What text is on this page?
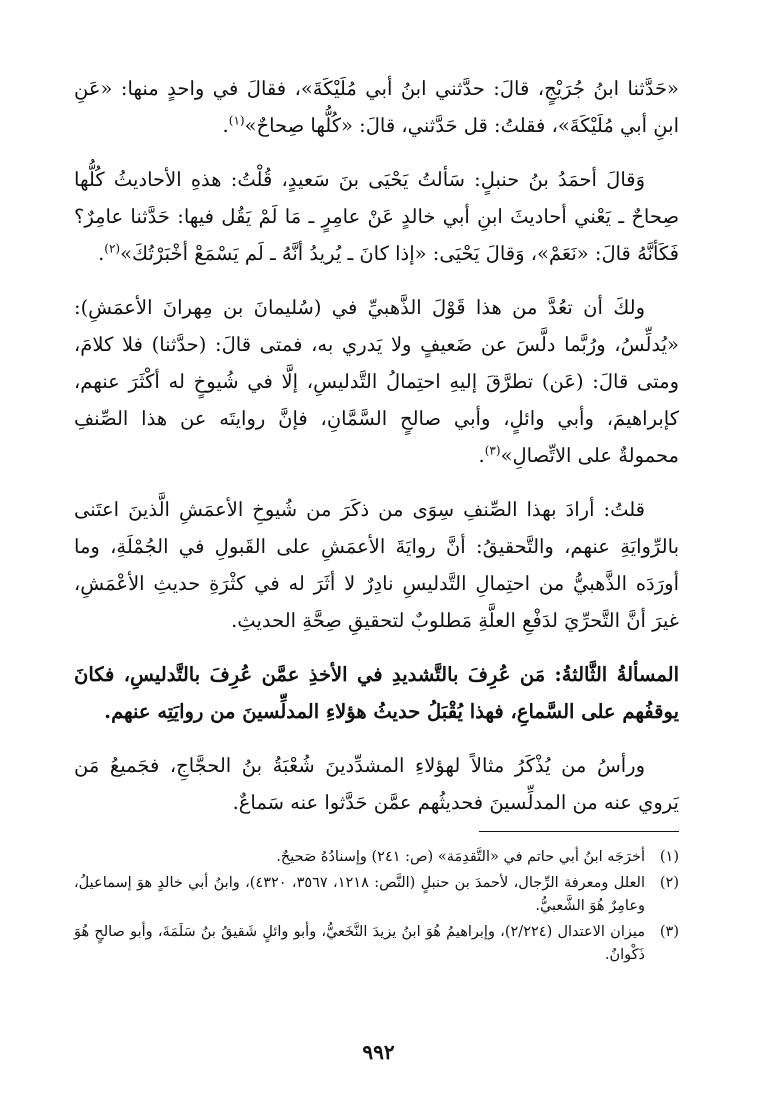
«حَدَّثنا ابنُ جُرَيْجٍ، قالَ: حدَّثني ابنُ أبي مُلَيْكَةَ»، فقالَ في واحدٍ منها: «عَنِ ابنِ أبي مُلَيْكَةَ»، فقلتُ: قل حَدَّثني، قالَ: «كُلُّها صِحاحٌ»$^{(١)}$.

وَقالَ أحمَدُ بنُ حنبلٍ: سَألتُ يَحْيَى بنَ سَعيدٍ، قُلْتُ: هذهِ الأحاديثُ كُلُّها صِحاحٌ ـ يَعْني أحاديثَ ابنِ أبي خالدٍ عَنْ عامِرٍ ـ مَا لَمْ يَقُل فيها: حَدَّثنا عامِرٌ؟ فَكَأنَّهُ قالَ: «نَعَمْ»، وَقالَ يَحْيَى: «إذا كانَ ـ يُريدُ أنَّهُ ـ لَم يَسْمَعْ أخْبَرْتُكَ»$^{(٢)}$.

ولكَ أن تعُدَّ من هذا قَوْلَ الذَّهبيِّ في (سُليمانَ بن مِهرانَ الأعمَشِ): «يُدلِّسُ، ورُبَّما دلَّسَ عن ضَعيفٍ ولا يَدري به، فمتى قالَ: (حدَّثنا) فلا كلامَ، ومتى قالَ: (عَن) تطرَّقَ إليهِ احتِمالُ التَّدليسِ، إلَّا في شُيوخٍ له أكْثَرَ عنهم، كإبراهيمَ، وأبي وائلٍ، وأبي صالحٍ السَّمَّانِ، فإنَّ روايتَه عن هذا الصِّنفِ محمولةٌ على الاتِّصالِ»$^{(٣)}$.

قلتُ: أرادَ بهذا الصِّنفِ سِوَى من ذكَرَ من شُيوخِ الأعمَشِ الَّذينَ اعتَنى بالرِّوايَةِ عنهم، والتَّحقيقُ: أنَّ روايَةَ الأعمَشِ على القَبولِ في الجُمْلَةِ، وما أورَدَه الذَّهبيُّ من احتِمالِ التَّدليسِ نادِرٌ لا أثَرَ له في كثْرَةِ حديثِ الأعْمَشِ، غيرَ أنَّ التَّحرِّيَ لدَفْعِ العلَّةِ مَطلوبٌ لتحقيقِ صِحَّةِ الحديثِ.

المسألةُ الثَّالثةُ: مَن عُرِفَ بالتَّشديدِ في الأخذِ عمَّن عُرِفَ بالتَّدليسِ، فكانَ يوقفُهم على السَّماعِ، فهذا يُقْبَلُ حديثُ هؤلاءِ المدلِّسينَ من روايَتِه عنهم.

ورأسُ من يُذْكَرُ مثالاً لهؤلاءِ المشدِّدينَ شُعْبَةُ بنُ الحجَّاجِ، فجَميعُ مَن يَروي عنه من المدلِّسينَ فحديثُهم عمَّن حَدَّثوا عنه سَماعٌ.

(١)
أخرَجَه ابنُ أبي حاتم في «التَّقدِمَة» (ص: ٢٤١) وإسنادُهُ صَحيحٌ.
(٢)
العلل ومعرفة الرِّجال، لأحمدَ بن حنبلٍ (النَّص: ١٢١٨، ٣٥٦٧، ٤٣٢٠)، وابنُ أبي خالدٍ هوَ إسماعيلُ، وعامِرٌ هُوَ الشَّعبيُّ.
(٣)
ميزان الاعتدال (٢/٢٢٤)، وإبراهيمُ هُوَ ابنُ يزيدَ النَّخَعيُّ، وأبو وائلٍ شَقيقُ بنُ سَلَمَةَ، وأبو صالحٍ هُوَ ذَكْوانُ.
٩٩٢
